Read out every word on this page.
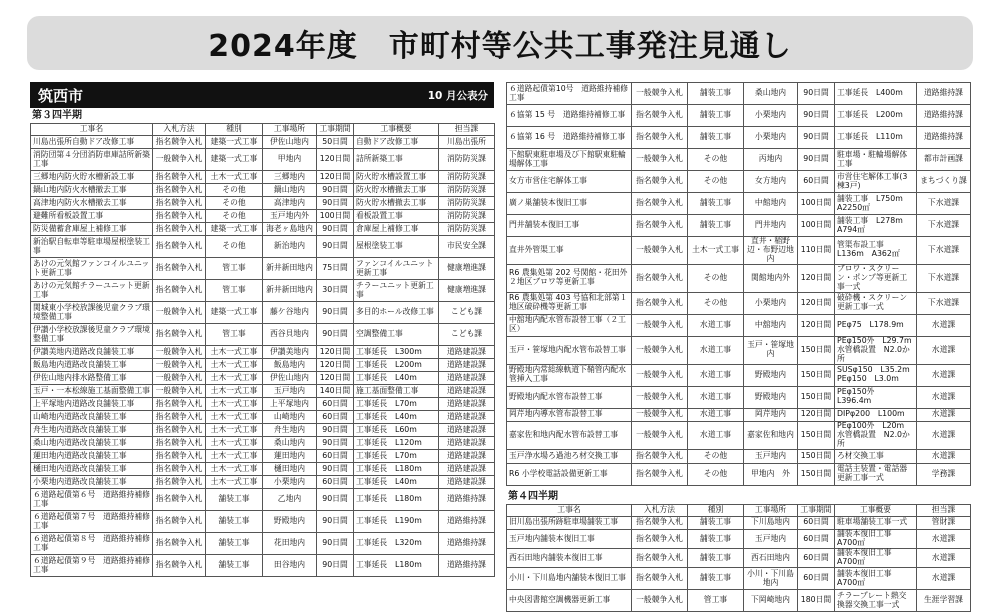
2024年度　市町村等公共工事発注見通し
筑西市	10 月公表分
第３四半期
工事名	入札方法	種別	工事場所	工事期間	工事概要	担当課
川島出張所自動ドア改修工事	指名競争入札	建築一式工事	伊佐山地内	50日間	自動ドア改修工事	川島出張所
消防団第４分団消防車庫詰所新築工事	一般競争入札	建築一式工事	甲地内	120日間	詰所新築工事	消防防災課
三郷地内防火貯水槽新設工事	指名競争入札	土木一式工事	三郷地内	120日間	防火貯水槽設置工事	消防防災課
鍋山地内防火水槽撤去工事	指名競争入札	その他	鍋山地内	90日間	防火貯水槽撤去工事	消防防災課
高津地内防火水槽撤去工事	指名競争入札	その他	高津地内	90日間	防火貯水槽撤去工事	消防防災課
避難所看板設置工事	指名競争入札	その他	玉戸地内外	100日間	看板設置工事	消防防災課
防災備蓄倉庫屋上補修工事	指名競争入札	建築一式工事	海老ヶ島地内	90日間	倉庫屋上補修工事	消防防災課
新治駅自転車等駐車場屋根塗装工事	指名競争入札	その他	新治地内	90日間	屋根塗装工事	市民安全課
あけの元気館ファンコイルユニット更新工事	指名競争入札	管工事	新井新田地内	75日間	ファンコイルユニット更新工事	健康増進課
あけの元気館チラーユニット更新工事	指名競争入札	管工事	新井新田地内	30日間	チラーユニット更新工事	健康増進課
関城東小学校放課後児童クラブ環境整備工事	一般競争入札	建築一式工事	藤ケ谷地内	90日間	多目的ホール改修工事	こども課
伊讃小学校放課後児童クラブ環境整備工事	指名競争入札	管工事	西谷貝地内	90日間	空調整備工事	こども課
伊讃美地内道路改良舗装工事	一般競争入札	土木一式工事	伊讃美地内	120日間	工事延長　L300m	道路建設課
飯島地内道路改良舗装工事	一般競争入札	土木一式工事	飯島地内	120日間	工事延長　L200m	道路建設課
伊佐山地内排水路整備工事	一般競争入札	土木一式工事	伊佐山地内	120日間	工事延長　L40m	道路建設課
玉戸・一本松線施工基面整備工事	一般競争入札	土木一式工事	玉戸地内	140日間	施工基面整備工事	道路建設課
上平塚地内道路改良舗装工事	指名競争入札	土木一式工事	上平塚地内	60日間	工事延長　L70m	道路建設課
山崎地内道路改良舗装工事	指名競争入札	土木一式工事	山崎地内	60日間	工事延長　L40m	道路建設課
舟生地内道路改良舗装工事	指名競争入札	土木一式工事	舟生地内	90日間	工事延長　L60m	道路建設課
桑山地内道路改良舗装工事	指名競争入札	土木一式工事	桑山地内	90日間	工事延長　L120m	道路建設課
蓮田地内道路改良舗装工事	指名競争入札	土木一式工事	蓮田地内	60日間	工事延長　L70m	道路建設課
樋田地内道路改良舗装工事	指名競争入札	土木一式工事	樋田地内	90日間	工事延長　L180m	道路建設課
小栗地内道路改良舗装工事	指名競争入札	土木一式工事	小栗地内	60日間	工事延長　L40m	道路建設課
６道路起債第６号　道路維持補修工事	指名競争入札	舗装工事	乙地内	90日間	工事延長　L180m	道路維持課
６道路起債第７号　道路維持補修工事	指名競争入札	舗装工事	野殿地内	90日間	工事延長　L190m	道路維持課
６道路起債第８号　道路維持補修工事	指名競争入札	舗装工事	花田地内	90日間	工事延長　L320m	道路維持課
６道路起債第９号　道路維持補修工事	指名競争入札	舗装工事	田谷地内	90日間	工事延長　L180m	道路維持課
６道路起債第10号　道路維持補修工事	一般競争入札	舗装工事	桑山地内	90日間	工事延長　L400m	道路維持課
６協第 15 号　道路維持補修工事	指名競争入札	舗装工事	小栗地内	90日間	工事延長　L200m	道路維持課
６協第 16 号　道路維持補修工事	指名競争入札	舗装工事	小栗地内	90日間	工事延長　L110m	道路維持課
下館駅東駐車場及び下館駅東駐輪場解体工事	一般競争入札	その他	丙地内	90日間	駐車場・駐輪場解体工事	都市計画課
女方市営住宅解体工事	指名競争入札	その他	女方地内	60日間	市営住宅解体工事(3棟3戸)	まちづくり課
廣ノ巣舗装本復旧工事	指名競争入札	舗装工事	中館地内	100日間	舗装工事　L750m　A2250㎡	下水道課
門井舗装本復旧工事	指名競争入札	舗装工事	門井地内	100日間	舗装工事　L278m　A794㎡	下水道課
直井外管渠工事	一般競争入札	土木一式工事	直井・稲野辺・布野辺地内	110日間	管渠布設工事　L136m　A362㎡	下水道課
R6 農集処第 202 号関館・花田外２地区ブロワ等更新工事	指名競争入札	その他	関館地内外	120日間	ブロワ・スクリーン・ポンプ等更新工事一式	下水道課
R6 農集処第 403 号協和北部第１地区破砕機等更新工事	指名競争入札	その他	小栗地内	120日間	破砕機・スクリーン更新工事一式	下水道課
中舘地内配水管布設替工事（２工区）	一般競争入札	水道工事	中舘地内	120日間	PEφ75　L178.9m	水道課
玉戸・笹塚地内配水管布設替工事	一般競争入札	水道工事	玉戸・笹塚地内	150日間	PEφ150外　L29.7m　水管橋設置　N2.0か所	水道課
野殿地内常総線軌道下鞘管内配水管挿入工事	一般競争入札	水道工事	野殿地内	150日間	SUSφ150　L35.2m　PEφ150　L3.0m	水道課
野殿地内配水管布設替工事	一般競争入札	水道工事	野殿地内	150日間	PEφ150外　L396.4m	水道課
岡芹地内導水管布設替工事	一般競争入札	水道工事	岡芹地内	120日間	DIPφ200　L100m	水道課
嘉家佐和地内配水管布設替工事	一般競争入札	水道工事	嘉家佐和地内	150日間	PEφ100外　L20m　水管橋設置　N2.0か所	水道課
玉戸浄水場ろ過池ろ材交換工事	指名競争入札	その他	玉戸地内	150日間	ろ材交換工事	水道課
R6 小学校電話設備更新工事	指名競争入札	その他	甲地内　外	150日間	電話主装置・電話器更新工事一式	学務課
第４四半期
工事名	入札方法	種別	工事場所	工事期間	工事概要	担当課
旧川島出張所跡駐車場舗装工事	指名競争入札	舗装工事	下川島地内	60日間	駐車場舗装工事一式	管財課
玉戸地内舗装本復旧工事	指名競争入札	舗装工事	玉戸地内	60日間	舗装本復旧工事　A700㎡	水道課
西石田地内舗装本復旧工事	指名競争入札	舗装工事	西石田地内	60日間	舗装本復旧工事　A700㎡	水道課
小川・下川島地内舗装本復旧工事	指名競争入札	舗装工事	小川・下川島地内	60日間	舗装本復旧工事　A700㎡	水道課
中央図書館空調機器更新工事	一般競争入札	管工事	下岡崎地内	180日間	チラープレート熱交換器交換工事一式	生涯学習課
